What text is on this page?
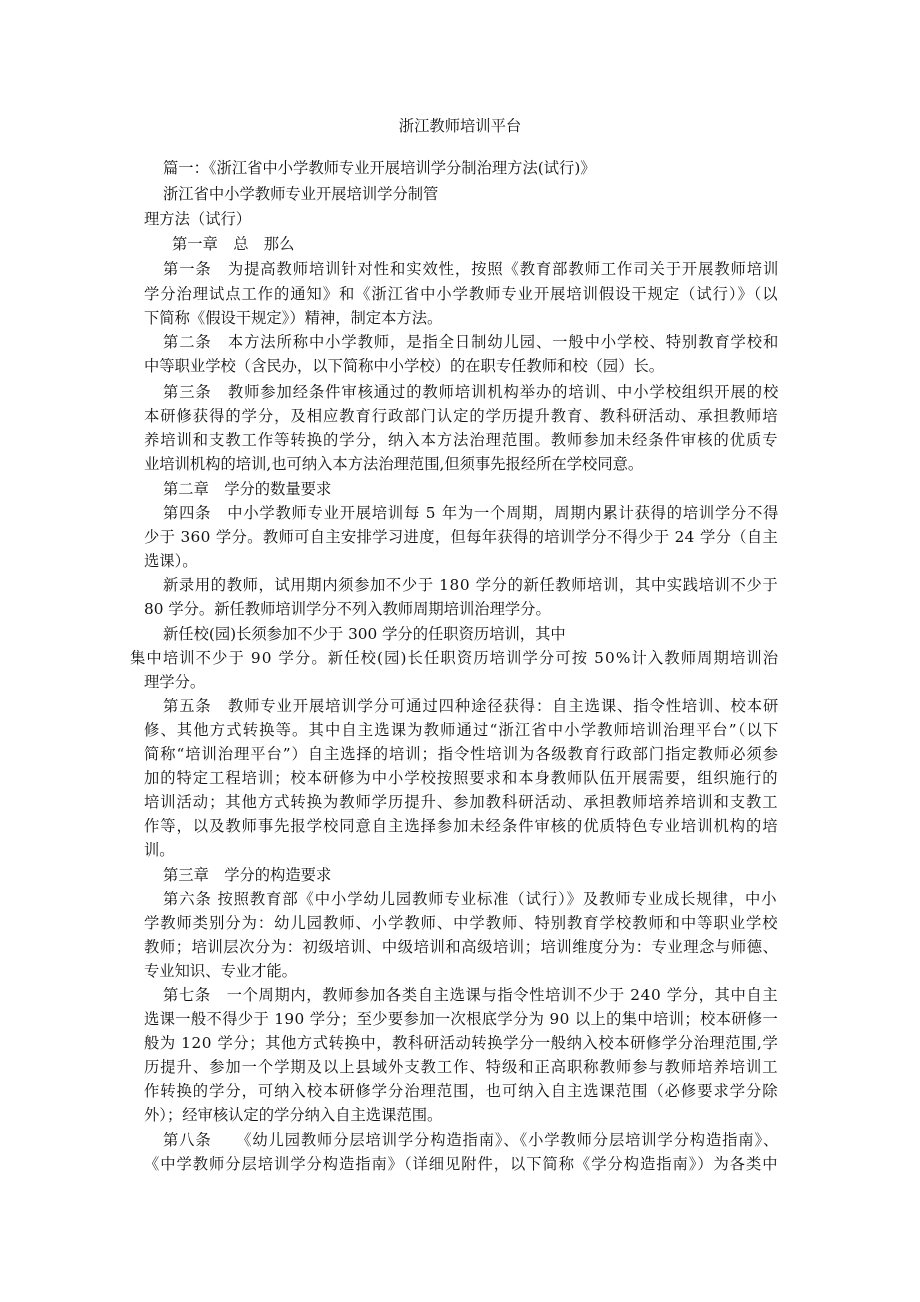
浙江教师培训平台
篇一：《浙江省中小学教师专业开展培训学分制治理方法(试行)》
浙江省中小学教师专业开展培训学分制管
理方法（试行）
第一章　总　那么
第一条　为提高教师培训针对性和实效性，按照《教育部教师工作司关于开展教师培训
学分治理试点工作的通知》和《浙江省中小学教师专业开展培训假设干规定（试行）》（以
下简称《假设干规定》）精神，制定本方法。
第二条　本方法所称中小学教师，是指全日制幼儿园、一般中小学校、特别教育学校和
中等职业学校（含民办，以下简称中小学校）的在职专任教师和校（园）长。
第三条　教师参加经条件审核通过的教师培训机构举办的培训、中小学校组织开展的校
本研修获得的学分，及相应教育行政部门认定的学历提升教育、教科研活动、承担教师培
养培训和支教工作等转换的学分，纳入本方法治理范围。教师参加未经条件审核的优质专
业培训机构的培训,也可纳入本方法治理范围,但须事先报经所在学校同意。
第二章　学分的数量要求
第四条　中小学教师专业开展培训每 5 年为一个周期，周期内累计获得的培训学分不得
少于 360 学分。教师可自主安排学习进度，但每年获得的培训学分不得少于 24 学分（自主
选课）。
新录用的教师，试用期内须参加不少于 180 学分的新任教师培训，其中实践培训不少于
80 学分。新任教师培训学分不列入教师周期培训治理学分。
新任校(园)长须参加不少于 300 学分的任职资历培训，其中
集中培训不少于 90 学分。新任校(园)长任职资历培训学分可按 50%计入教师周期培训治
理学分。
第五条　教师专业开展培训学分可通过四种途径获得：自主选课、指令性培训、校本研
修、其他方式转换等。其中自主选课为教师通过“浙江省中小学教师培训治理平台”（以下
简称“培训治理平台”）自主选择的培训；指令性培训为各级教育行政部门指定教师必须参
加的特定工程培训；校本研修为中小学校按照要求和本身教师队伍开展需要，组织施行的
培训活动；其他方式转换为教师学历提升、参加教科研活动、承担教师培养培训和支教工
作等，以及教师事先报学校同意自主选择参加未经条件审核的优质特色专业培训机构的培
训。
第三章　学分的构造要求
第六条 按照教育部《中小学幼儿园教师专业标准（试行）》及教师专业成长规律，中小
学教师类别分为：幼儿园教师、小学教师、中学教师、特别教育学校教师和中等职业学校
教师；培训层次分为：初级培训、中级培训和高级培训；培训维度分为：专业理念与师德、
专业知识、专业才能。
第七条　一个周期内，教师参加各类自主选课与指令性培训不少于 240 学分，其中自主
选课一般不得少于 190 学分；至少要参加一次根底学分为 90 以上的集中培训；校本研修一
般为 120 学分；其他方式转换中，教科研活动转换学分一般纳入校本研修学分治理范围,学
历提升、参加一个学期及以上县域外支教工作、特级和正高职称教师参与教师培养培训工
作转换的学分，可纳入校本研修学分治理范围，也可纳入自主选课范围（必修要求学分除
外）；经审核认定的学分纳入自主选课范围。
第八条　　《幼儿园教师分层培训学分构造指南》、《小学教师分层培训学分构造指南》、
《中学教师分层培训学分构造指南》（详细见附件，以下简称《学分构造指南》）为各类中
